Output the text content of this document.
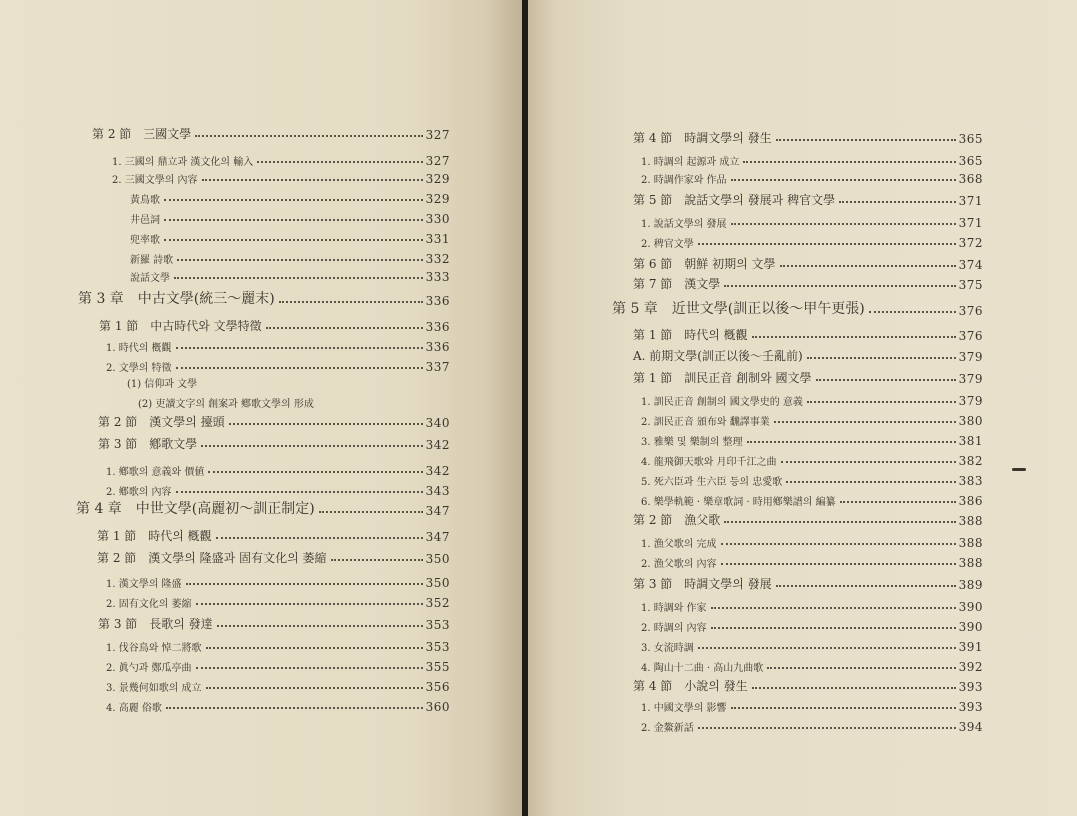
第 2 節　三國文學	327
1. 三國의 鼎立과 漢文化의 輸入	327
2. 三國文學의 內容	329
黃鳥歌	329
井邑詞	330
兜率歌	331
新羅 詩歌	332
說話文學	333
第 3 章　中古文學(統三〜麗末)	336
第 1 節　中古時代와 文學特徵	336
1. 時代의 槪觀	336
2. 文學의 特徵	337
(1) 信仰과 文學
(2) 吏讀文字의 創案과 鄕歌文學의 形成
第 2 節　漢文學의 擡頭	340
第 3 節　鄕歌文學	342
1. 鄕歌의 意義와 價値	342
2. 鄕歌의 內容	343
第 4 章　中世文學(高麗初〜訓正制定)	347
第 1 節　時代의 槪觀	347
第 2 節　漢文學의 隆盛과 固有文化의 萎縮	350
1. 漢文學의 隆盛	350
2. 固有文化의 萎縮	352
第 3 節　長歌의 發達	353
1. 伐谷鳥와 悼二將歌	353
2. 眞勺과 鄭瓜亭曲	355
3. 景幾何如歌의 成立	356
4. 高麗 俗歌	360
第 4 節　時調文學의 發生	365
1. 時調의 起源과 成立	365
2. 時調作家와 作品	368
第 5 節　說話文學의 發展과 稗官文學	371
1. 說話文學의 發展	371
2. 稗官文學	372
第 6 節　朝鮮 初期의 文學	374
第 7 節　漢文學	375
第 5 章　近世文學(訓正以後〜甲午更張)	376
第 1 節　時代의 槪觀	376
A. 前期文學(訓正以後〜壬亂前)	379
第 1 節　訓民正音 創制와 國文學	379
1. 訓民正音 創制의 國文學史的 意義	379
2. 訓民正音 頒布와 飜譯事業	380
3. 雅樂 및 樂制의 整理	381
4. 龍飛御天歌와 月印千江之曲	382
5. 死六臣과 生六臣 등의 忠愛歌	383
6. 樂學軌範 · 樂章歌詞 · 時用鄕樂譜의 編纂	386
第 2 節　漁父歌	388
1. 漁父歌의 完成	388
2. 漁父歌의 內容	388
第 3 節　時調文學의 發展	389
1. 時調와 作家	390
2. 時調의 內容	390
3. 女流時調	391
4. 陶山十二曲 · 高山九曲歌	392
第 4 節　小說의 發生	393
1. 中國文學의 影響	393
2. 金鰲新話	394
